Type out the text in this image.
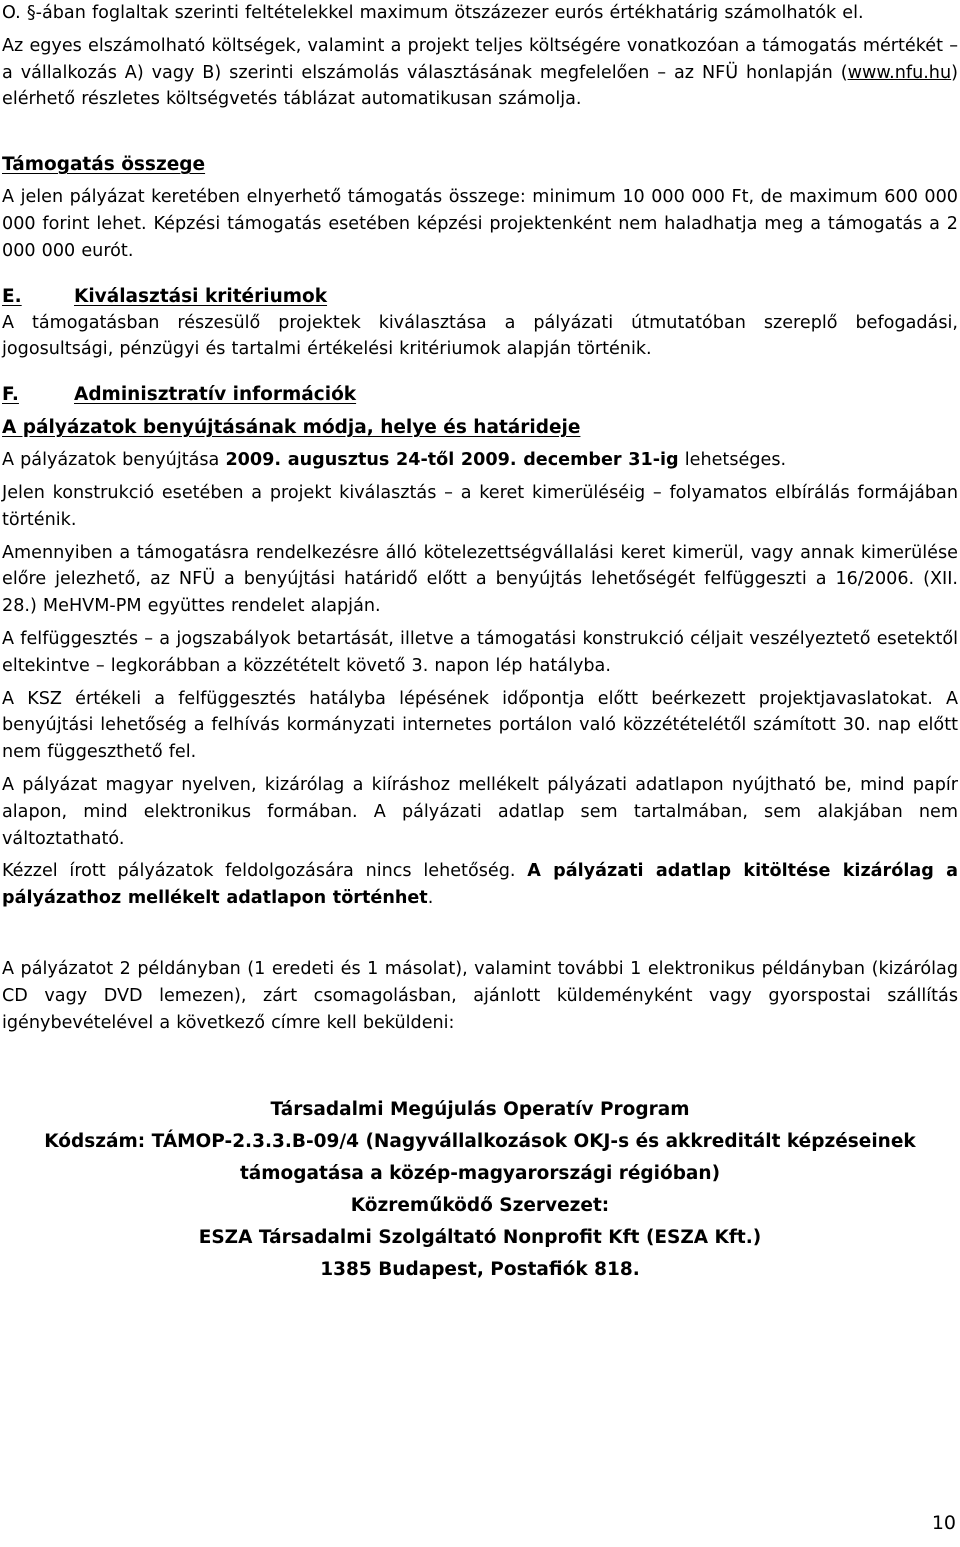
O. §-ában foglaltak szerinti feltételekkel maximum ötszázezer eurós értékhatárig számolhatók el.

Az egyes elszámolható költségek, valamint a projekt teljes költségére vonatkozóan a támogatás mértékét – a vállalkozás A) vagy B) szerinti elszámolás választásának megfelelően – az NFÜ honlapján (www.nfu.hu) elérhető részletes költségvetés táblázat automatikusan számolja.

Támogatás összege

A jelen pályázat keretében elnyerhető támogatás összege: minimum 10 000 000 Ft, de maximum 600 000 000 forint lehet. Képzési támogatás esetében képzési projektenként nem haladhatja meg a támogatás a 2 000 000 eurót.

E.	Kiválasztási kritériumok

A támogatásban részesülő projektek kiválasztása a pályázati útmutatóban szereplő befogadási, jogosultsági, pénzügyi és tartalmi értékelési kritériumok alapján történik.

F.	Adminisztratív információk
A pályázatok benyújtásának módja, helye és határideje

A pályázatok benyújtása 2009. augusztus 24-től 2009. december 31-ig lehetséges.

Jelen konstrukció esetében a projekt kiválasztás – a keret kimerüléséig – folyamatos elbírálás formájában történik.

Amennyiben a támogatásra rendelkezésre álló kötelezettségvállalási keret kimerül, vagy annak kimerülése előre jelezhető, az NFÜ a benyújtási határidő előtt a benyújtás lehetőségét felfüggeszti a 16/2006. (XII. 28.) MeHVM-PM együttes rendelet alapján.

A felfüggesztés – a jogszabályok betartását, illetve a támogatási konstrukció céljait veszélyeztető esetektől eltekintve – legkorábban a közzétételt követő 3. napon lép hatályba.

A KSZ értékeli a felfüggesztés hatályba lépésének időpontja előtt beérkezett projektjavaslatokat. A benyújtási lehetőség a felhívás kormányzati internetes portálon való közzétételétől számított 30. nap előtt nem függeszthető fel.

A pályázat magyar nyelven, kizárólag a kiíráshoz mellékelt pályázati adatlapon nyújtható be, mind papír alapon, mind elektronikus formában. A pályázati adatlap sem tartalmában, sem alakjában nem változtatható.

Kézzel írott pályázatok feldolgozására nincs lehetőség. A pályázati adatlap kitöltése kizárólag a pályázathoz mellékelt adatlapon történhet.

A pályázatot 2 példányban (1 eredeti és 1 másolat), valamint további 1 elektronikus példányban (kizárólag CD vagy DVD lemezen), zárt csomagolásban, ajánlott küldeményként vagy gyorspostai szállítás igénybevételével a következő címre kell beküldeni:

Társadalmi Megújulás Operatív Program
Kódszám: TÁMOP-2.3.3.B-09/4 (Nagyvállalkozások OKJ-s és akkreditált képzéseinek támogatása a közép-magyarországi régióban)
Közreműködő Szervezet:
ESZA Társadalmi Szolgáltató Nonprofit Kft (ESZA Kft.)
1385 Budapest, Postafiók 818.
10
